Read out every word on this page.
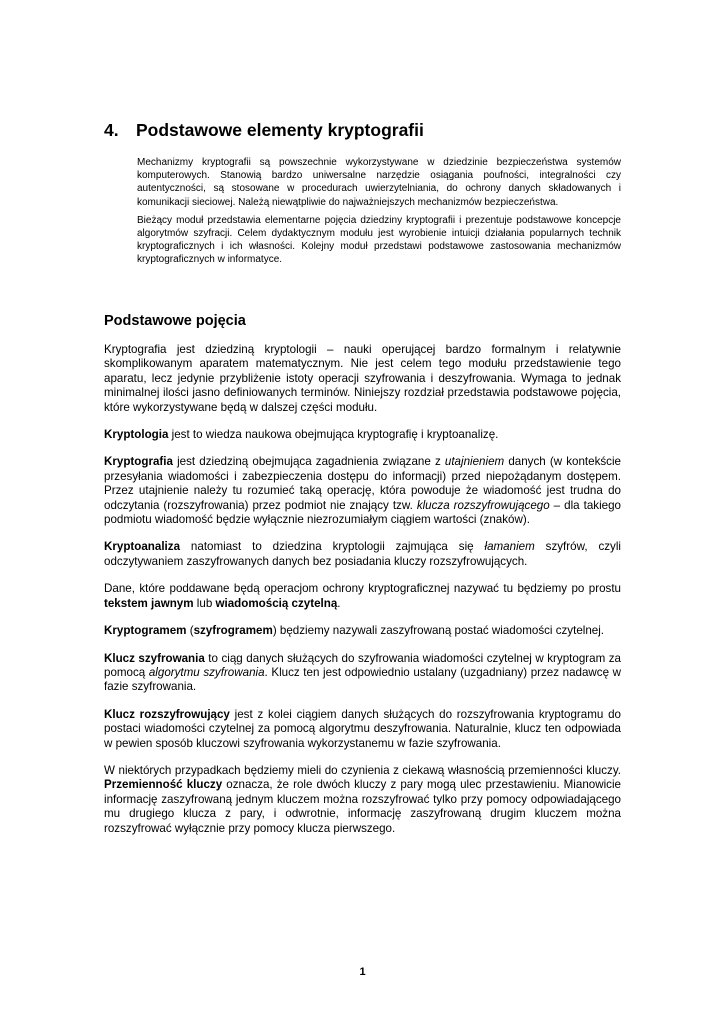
4. Podstawowe elementy kryptografii

Mechanizmy kryptografii są powszechnie wykorzystywane w dziedzinie bezpieczeństwa systemów komputerowych. Stanowią bardzo uniwersalne narzędzie osiągania poufności, integralności czy autentyczności, są stosowane w procedurach uwierzytelniania, do ochrony danych składowanych i komunikacji sieciowej. Należą niewątpliwie do najważniejszych mechanizmów bezpieczeństwa.

Bieżący moduł przedstawia elementarne pojęcia dziedziny kryptografii i prezentuje podstawowe koncepcje algorytmów szyfracji. Celem dydaktycznym modułu jest wyrobienie intuicji działania popularnych technik kryptograficznych i ich własności. Kolejny moduł przedstawi podstawowe zastosowania mechanizmów kryptograficznych w informatyce.

Podstawowe pojęcia

Kryptografia jest dziedziną kryptologii – nauki operującej bardzo formalnym i relatywnie skomplikowanym aparatem matematycznym. Nie jest celem tego modułu przedstawienie tego aparatu, lecz jedynie przybliżenie istoty operacji szyfrowania i deszyfrowania. Wymaga to jednak minimalnej ilości jasno definiowanych terminów. Niniejszy rozdział przedstawia podstawowe pojęcia, które wykorzystywane będą w dalszej części modułu.

Kryptologia jest to wiedza naukowa obejmująca kryptografię i kryptoanalizę.

Kryptografia jest dziedziną obejmująca zagadnienia związane z utajnieniem danych (w kontekście przesyłania wiadomości i zabezpieczenia dostępu do informacji) przed niepożądanym dostępem. Przez utajnienie należy tu rozumieć taką operację, która powoduje że wiadomość jest trudna do odczytania (rozszyfrowania) przez podmiot nie znający tzw. klucza rozszyfrowującego – dla takiego podmiotu wiadomość będzie wyłącznie niezrozumiałym ciągiem wartości (znaków).

Kryptoanaliza natomiast to dziedzina kryptologii zajmująca się łamaniem szyfrów, czyli odczytywaniem zaszyfrowanych danych bez posiadania kluczy rozszyfrowujących.

Dane, które poddawane będą operacjom ochrony kryptograficznej nazywać tu będziemy po prostu tekstem jawnym lub wiadomością czytelną.

Kryptogramem (szyfrogramem) będziemy nazywali zaszyfrowaną postać wiadomości czytelnej.

Klucz szyfrowania to ciąg danych służących do szyfrowania wiadomości czytelnej w kryptogram za pomocą algorytmu szyfrowania. Klucz ten jest odpowiednio ustalany (uzgadniany) przez nadawcę w fazie szyfrowania.

Klucz rozszyfrowujący jest z kolei ciągiem danych służących do rozszyfrowania kryptogramu do postaci wiadomości czytelnej za pomocą algorytmu deszyfrowania. Naturalnie, klucz ten odpowiada w pewien sposób kluczowi szyfrowania wykorzystanemu w fazie szyfrowania.

W niektórych przypadkach będziemy mieli do czynienia z ciekawą własnością przemienności kluczy. Przemienność kluczy oznacza, że role dwóch kluczy z pary mogą ulec przestawieniu. Mianowicie informację zaszyfrowaną jednym kluczem można rozszyfrować tylko przy pomocy odpowiadającego mu drugiego klucza z pary, i odwrotnie, informację zaszyfrowaną drugim kluczem można rozszyfrować wyłącznie przy pomocy klucza pierwszego.

1
